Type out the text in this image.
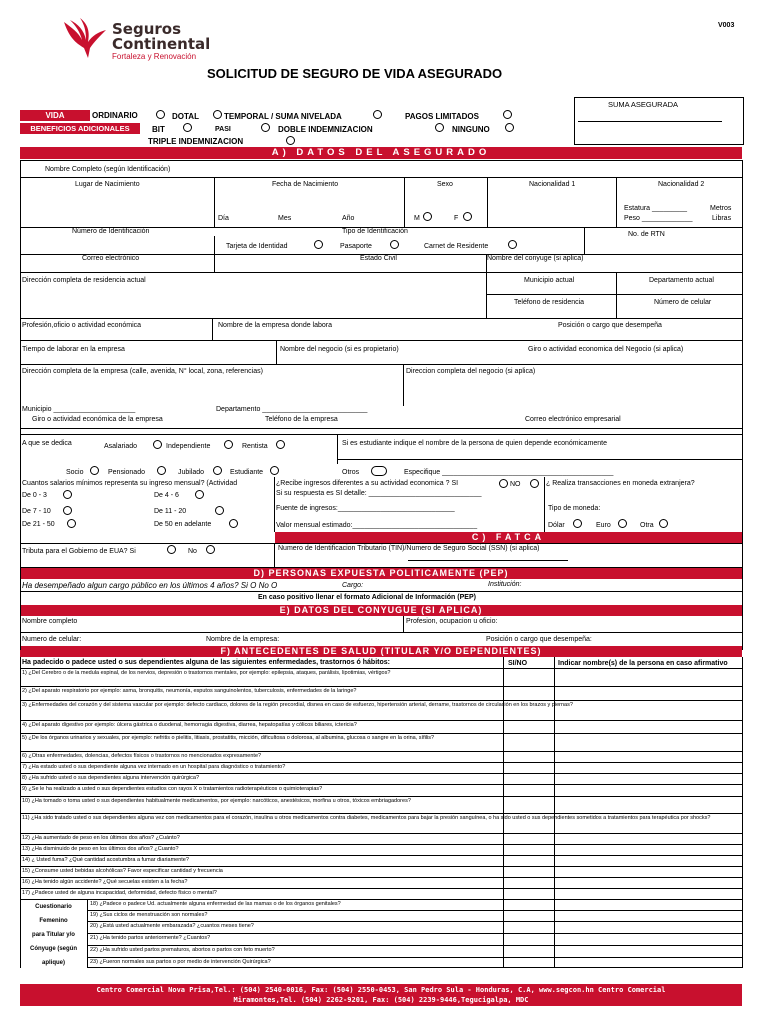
Seguros
Continental
Fortaleza y Renovación
V003
SOLICITUD DE SEGURO DE VIDA ASEGURADO
VIDA
BENEFICIOS ADICIONALES
ORDINARIO	DOTAL	TEMPORAL / SUMA NIVELADA	PAGOS LIMITADOS
BIT	PASI	DOBLE INDEMNIZACION	NINGUNO
TRIPLE INDEMNIZACION
SUMA ASEGURADA
A) DATOS DEL ASEGURADO
Nombre Completo (según Identificación)
Lugar de Nacimiento	Fecha de Nacimiento	Sexo	Nacionalidad 1	Nacionalidad 2
Día	Mes	Año	M	F
Estatura _________	Metros
Peso _____________	Libras
Número de Identificación	Tipo de Identificación	No. de RTN
Tarjeta de Identidad	Pasaporte	Carnet de Residente
Correo electrónico	Estado Civil	Nombre del conyuge (si aplica)
Dirección completa de residencia actual	Municipio actual	Departamento actual
Teléfono de residencia	Número de celular
Profesión,oficio o actividad económica	Nombre de la empresa donde labora	Posición o cargo que desempeña
Tiempo de laborar en la empresa	Nombre del negocio (si es propietario)	Giro o actividad economica del Negocio (si aplica)
Dirección completa de la empresa (calle, avenida, N° local, zona, referencias)	Direccion completa del negocio (si aplica)
Municipio _____________________	Departamento ___________________________
Giro o actividad económica de la empresa	Teléfono de la empresa	Correo electrónico empresarial
A que se dedica	Asalariado	Independiente	Rentista	Si es estudiante indique el nombre de la persona de quien depende económicamente
Socio	Pensionado	Jubilado	Estudiante	Otros	Especifique ____________________________________________
Cuantos salarios mínimos representa su ingreso mensual? (Actividad	¿Recibe ingresos diferentes a su actividad economica ? SI	NO	¿ Realiza transacciones en moneda extranjera?
De 0 - 3	De 4 - 6	Si su respuesta es SI detalle: _____________________________
De 7 - 10	De 11 - 20	Fuente de ingresos:______________________________	Tipo de moneda:
De 21 - 50	De 50 en adelante	Valor mensual estimado:________________________________	Dólar	Euro	Otra
C) FATCA
Tributa para el Gobierno de EUA? Si	No	Numero de Identificacion Tributario (TIN)/Numero de Seguro Social (SSN) (si aplica)
D) PERSONAS EXPUESTA POLITICAMENTE (PEP)
Ha desempeñado algun cargo público en los últimos 4 años? Si O No O	Cargo:	Institución:
En caso positivo llenar el formato Adicional de Información (PEP)
E) DATOS DEL CONYUGUE (SI APLICA)
Nombre completo	Profesion, ocupacion u oficio:
Numero de celular:	Nombre de la empresa:	Posición o cargo que desempeña:
F) ANTECEDENTES DE SALUD (TITULAR Y/O DEPENDIENTES)
Ha padecido o padece usted o sus dependientes alguna de las siguientes enfermedades, trastornos ó hábitos:	SI/NO	Indicar nombre(s) de la persona en caso afirmativo
1) ¿Del Cerebro o de la medula espinal, de los nervios, depresión o trastornos mentales, por ejemplo: epilepsia, ataques, parálisis, lipotimias, vértigos?
2) ¿Del aparato respiratorio por ejemplo: asma, bronquitis, neumonía, esputos sanguinolentos, tuberculosis, enfermedades de la laringe?
3) ¿Enfermedades del corazón y del sistema vascular por ejemplo: defecto cardiaco, dolores de la región precordial, disnea en caso de esfuerzo, hipertensión arterial, derrame, trastornos de circulación en los brazos y piernas?
4) ¿Del aparato digestivo por ejemplo: úlcera gástrica o duodenal, hemorragia digestiva, diarrea, hepatopatías y cólicos biliares, ictericia?
5) ¿De los órganos urinarios y sexuales, por ejemplo: nefritis o pielitis, litiasis, prostatitis, micción, dificultosa o dolorosa, al albumina, glucosa o sangre en la orina, sífilis?
6) ¿Otras enfermedades, dolencias, defectos físicos o trastornos no mencionados expresamente?
7) ¿Ha estado usted o sus dependiente alguna vez internado en un hospital para diagnóstico o tratamiento?
8) ¿Ha sufrido usted o sus dependientes alguna intervención quirúrgica?
9) ¿Se le ha realizado a usted o sus dependientes estudios con rayos X o tratamientos radioterapéuticos o quimioterapias?
10) ¿Ha tomado o toma usted o sus dependientes habitualmente medicamentos, por ejemplo: narcóticos, anestésicos, morfina u otros, tóxicos embriagadores?
11) ¿Ha sido tratado usted o sus dependientes alguna vez con medicamentos para el corazón, insulina u otros medicamentos contra diabetes, medicamentos para bajar la presión sanguínea, o ha sido usted o sus dependientes sometidos a tratamientos para terapéutica por shocks?
12) ¿Ha aumentado de peso en los últimos dos años? ¿Cuánto?
13) ¿Ha disminuido de peso en los últimos dos años? ¿Cuanto?
14) ¿ Usted fuma? ¿Qué cantidad acostumbra a fumar diariamente?
15) ¿Consume usted bebidas alcohólicas? Favor especificar cantidad y frecuencia
16) ¿Ha tenido algún accidente? ¿Qué secuelas existen a la fecha?
17) ¿Padece usted de alguna incapacidad, deformidad, defecto físico o mental?
Cuestionario
Femenino
para Titular y/o
Cónyuge (según
aplique)
18) ¿Padece o padece Ud. actualmente alguna enfermedad de las mamas o de los órganos genitales?
19) ¿Sus ciclos de menstruación son normales?
20) ¿Está usted actualmente embarazada? ¿cuantos meses tiene?
21) ¿Ha tenido partos anteriormente? ¿Cuantos?
22) ¿Ha sufrido usted partos prematuros, abortos o partos con feto muerto?
23) ¿Fueron normales sus partos o por medio de intervención Quirúrgica?
Centro Comercial Nova Prisa,Tel.: (504) 2540-0016, Fax: (504) 2550-0453, San Pedro Sula - Honduras, C.A, www.segcon.hn Centro Comercial
Miramontes,Tel. (504) 2262-9201, Fax: (504) 2239-9446,Tegucigalpa, MDC
